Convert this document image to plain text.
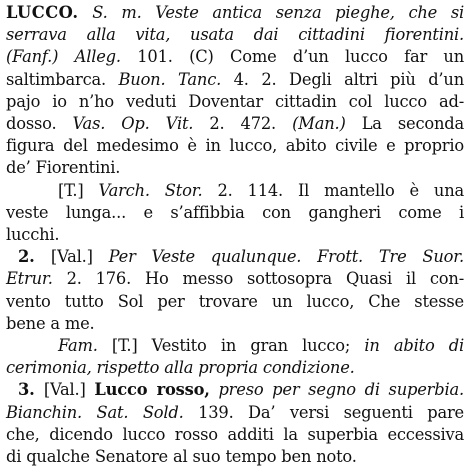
LUCCO. S. m. Veste antica senza pieghe, che si
serrava alla vita, usata dai cittadini fiorentini.
(Fanf.) Alleg. 101. (C) Come d’un lucco far un
saltimbarca. Buon. Tanc. 4. 2. Degli altri più d’un
pajo io n’ho veduti Doventar cittadin col lucco ad-
dosso. Vas. Op. Vit. 2. 472. (Man.) La seconda
figura del medesimo è in lucco, abito civile e proprio
de’ Fiorentini.
[T.] Varch. Stor. 2. 114. Il mantello è una
veste lunga... e s’affibbia con gangheri come i
lucchi.
2. [Val.] Per Veste qualunque. Frott. Tre Suor.
Etrur. 2. 176. Ho messo sottosopra Quasi il con-
vento tutto Sol per trovare un lucco, Che stesse
bene a me.
Fam. [T.] Vestito in gran lucco; in abito di
cerimonia, rispetto alla propria condizione.
3. [Val.] Lucco rosso, preso per segno di superbia.
Bianchin. Sat. Sold. 139. Da’ versi seguenti pare
che, dicendo lucco rosso additi la superbia eccessiva
di qualche Senatore al suo tempo ben noto.
